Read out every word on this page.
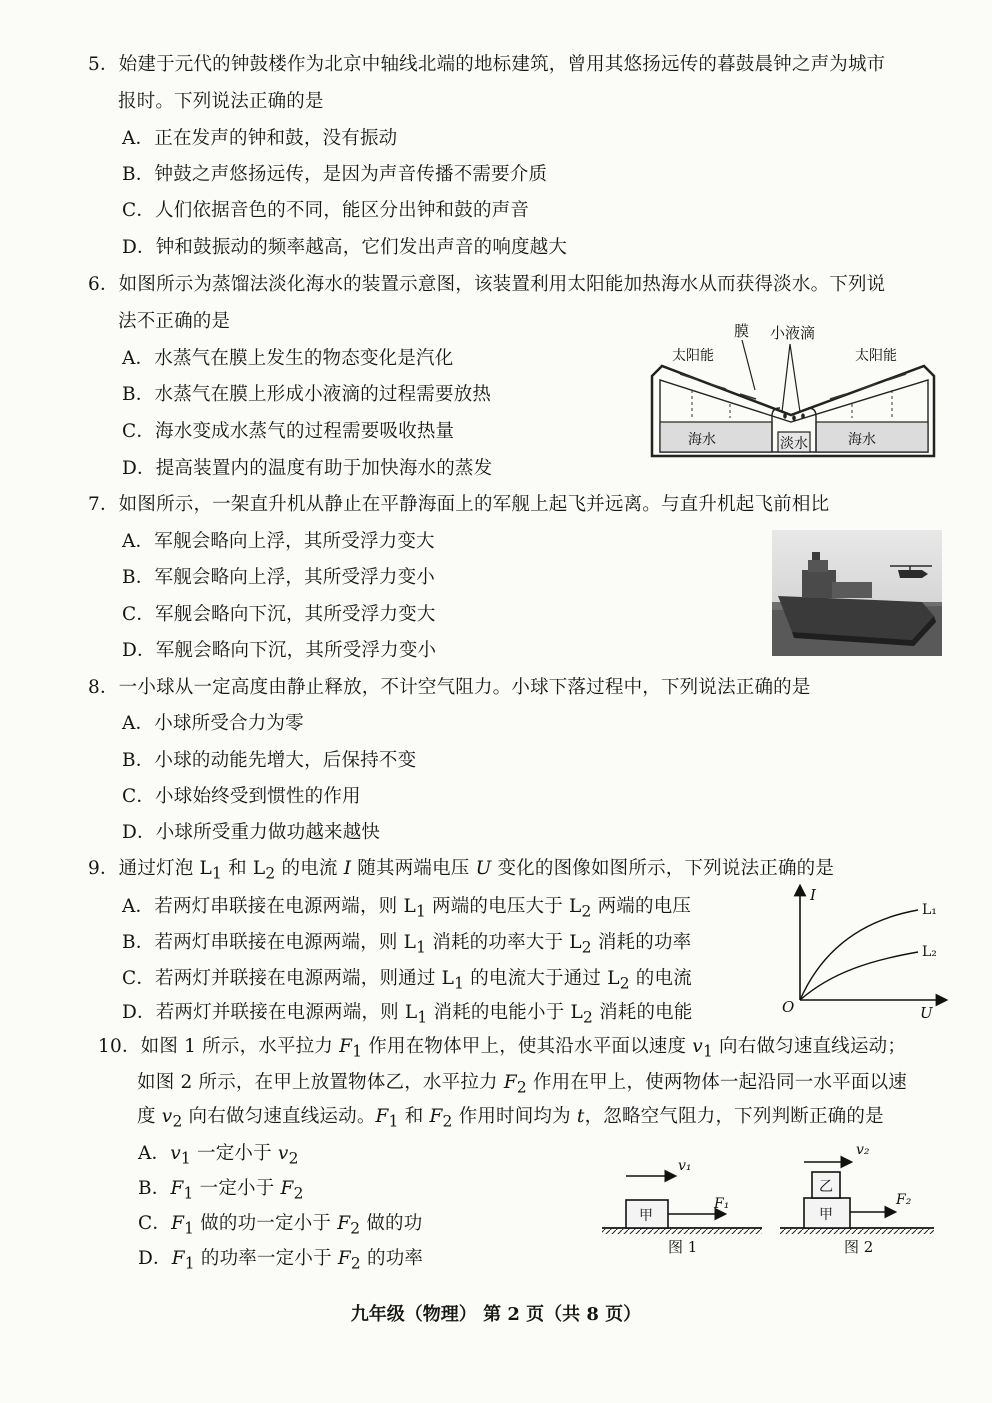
5．始建于元代的钟鼓楼作为北京中轴线北端的地标建筑，曾用其悠扬远传的暮鼓晨钟之声为城市
报时。下列说法正确的是
A．正在发声的钟和鼓，没有振动
B．钟鼓之声悠扬远传，是因为声音传播不需要介质
C．人们依据音色的不同，能区分出钟和鼓的声音
D．钟和鼓振动的频率越高，它们发出声音的响度越大
6．如图所示为蒸馏法淡化海水的装置示意图，该装置利用太阳能加热海水从而获得淡水。下列说
法不正确的是
A．水蒸气在膜上发生的物态变化是汽化
B．水蒸气在膜上形成小液滴的过程需要放热
C．海水变成水蒸气的过程需要吸收热量
D．提高装置内的温度有助于加快海水的蒸发
膜 小液滴
太阳能	太阳能
海水	淡水	海水
7．如图所示，一架直升机从静止在平静海面上的军舰上起飞并远离。与直升机起飞前相比
A．军舰会略向上浮，其所受浮力变大
B．军舰会略向上浮，其所受浮力变小
C．军舰会略向下沉，其所受浮力变大
D．军舰会略向下沉，其所受浮力变小
8．一小球从一定高度由静止释放，不计空气阻力。小球下落过程中，下列说法正确的是
A．小球所受合力为零
B．小球的动能先增大，后保持不变
C．小球始终受到惯性的作用
D．小球所受重力做功越来越快
9．通过灯泡 $L_1$ 和 $L_2$ 的电流 I 随其两端电压 U 变化的图像如图所示，下列说法正确的是
A．若两灯串联接在电源两端，则 $L_1$ 两端的电压大于 $L_2$ 两端的电压
B．若两灯串联接在电源两端，则 $L_1$ 消耗的功率大于 $L_2$ 消耗的功率
C．若两灯并联接在电源两端，则通过 $L_1$ 的电流大于通过 $L_2$ 的电流
D．若两灯并联接在电源两端，则 $L_1$ 消耗的电能小于 $L_2$ 消耗的电能
I
U
O
L₁
L₂
10．如图 1 所示，水平拉力 $F_1$ 作用在物体甲上，使其沿水平面以速度 $v_1$ 向右做匀速直线运动；
如图 2 所示，在甲上放置物体乙，水平拉力 $F_2$ 作用在甲上，使两物体一起沿同一水平面以速
度 $v_2$ 向右做匀速直线运动。$F_1$ 和 $F_2$ 作用时间均为 t，忽略空气阻力，下列判断正确的是
A．$v_1$ 一定小于 $v_2$
B．$F_1$ 一定小于 $F_2$
C．$F_1$ 做的功一定小于 $F_2$ 做的功
D．$F_1$ 的功率一定小于 $F_2$ 的功率
甲
F₁
v₁
图 1
甲
乙
F₂
v₂
图 2
九年级（物理） 第 2 页（共 8 页）
